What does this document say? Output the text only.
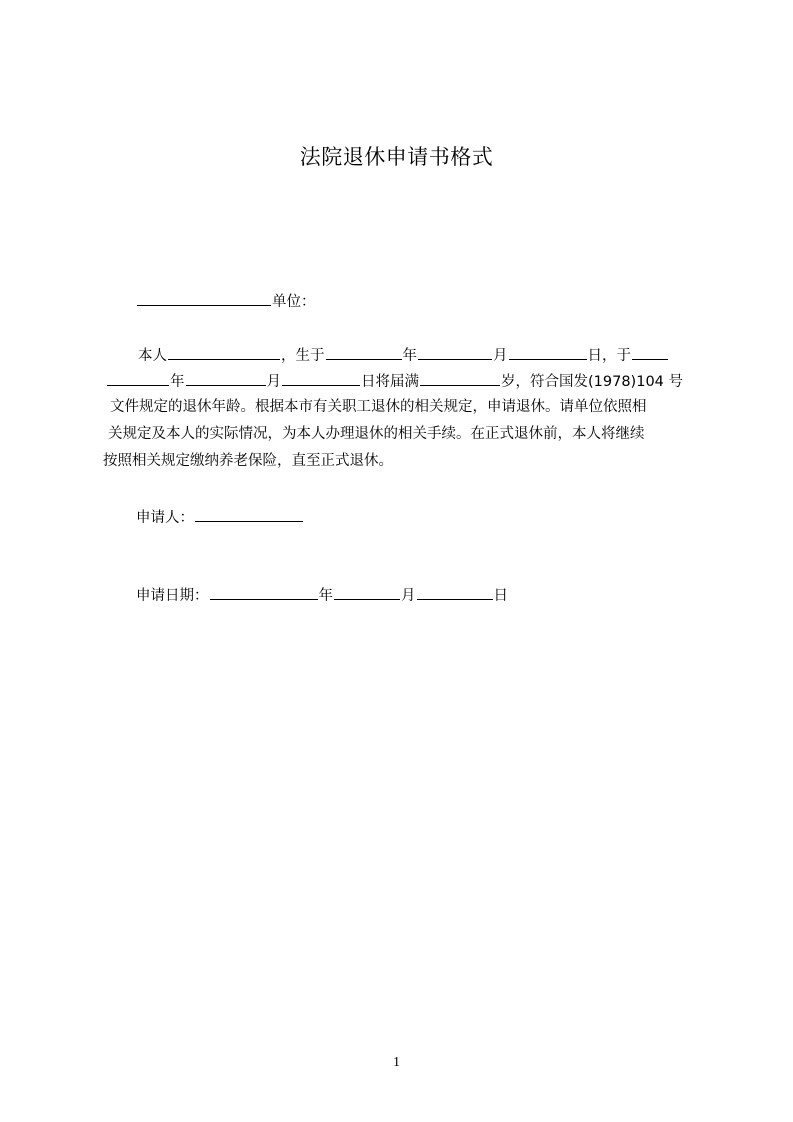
法院退休申请书格式
单位：
本人	，生于	年	月	日，于
年	月	日将届满	岁，符合国发(1978)104 号
文件规定的退休年龄。根据本市有关职工退休的相关规定，申请退休。请单位依照相
关规定及本人的实际情况，为本人办理退休的相关手续。在正式退休前，本人将继续
按照相关规定缴纳养老保险，直至正式退休。
申请人：
申请日期：	年	月	日
1
